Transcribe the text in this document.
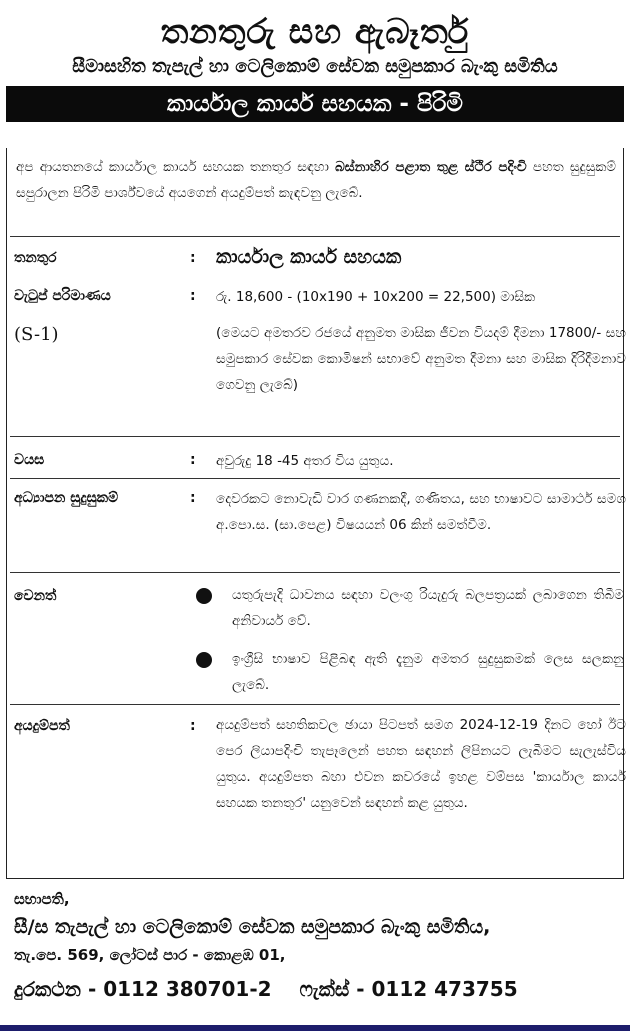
තනතුරු සහ ඇබෑර්තු
සීමාසහිත තැපැල් හා ටෙලිකොම් සේවක සමුපකාර බැංකු සමිතිය
කාර්යාල කාර්ය සහයක - පිරිමි
අප ආයතනයේ කාර්යාල කාර්ය සහයක තනතුර සඳහා බස්නාහිර පළාත තුළ ස්ථිර පදිංචි පහත සුදුසුකම් සපුරාලන පිරිමි පාර්ශ්වයේ අයගෙන් අයදුම්පත් කැඳවනු ලැබේ.
තනතුර	: කාර්යාල කාර්ය සහයක
වැටුප් පරිමාණය	: රු. 18,600 - (10x190 + 10x200 = 22,500) මාසික
(S-1)	(මෙයට අමතරව රජයේ අනුමත මාසික ජීවන වියදම් දීමනා 17800/- සහ සමුපකාර සේවක කොමිෂන් සභාවේ අනුමත දීමනා සහ මාසික දිරිදීමනාව ගෙවනු ලැබේ)
වයස	: අවුරුදු 18 -45 අතර විය යුතුය.
අධ්‍යාපන සුදුසුකම්	: දෙවරකට නොවැඩි වාර ගණනකදී, ගණිතය, සහ භාෂාවට සාමාර්ථ සමග අ.පො.ස. (සා.පෙළ) විෂයයන් 06 කින් සමත්වීම.
වෙනත්	යතුරුපැදි ධාවනය සඳහා වලංගු රියැදුරු බලපත්‍රයක් ලබාගෙන තිබීම අනිවාර්ය වේ.
ඉංග්‍රීසි භාෂාව පිළිබඳ ඇති දැනුම අමතර සුදුසුකමක් ලෙස සලකනු ලැබේ.
අයදුම්පත්	: අයදුම්පත් සහතිකවල ඡායා පිටපත් සමග 2024-12-19 දිනට හෝ ඊට පෙර ලියාපදිංචි තැපෑලෙන් පහත සඳහන් ලිපිනයට ලැබීමට සැලැස්විය යුතුය. අයදුම්පත බහා එවන කවරයේ ඉහළ වම්පස 'කාර්යාල කාර්ය සහයක තනතුර' යනුවෙන් සඳහන් කළ යුතුය.
සභාපති,
සී/ස තැපැල් හා ටෙලිකොම් සේවක සමුපකාර බැංකු සමිතිය,
තැ.පෙ. 569, ලෝටස් පාර - කොළඹ 01,
දුරකථන - 0112 380701-2 ෆැක්ස් - 0112 473755
